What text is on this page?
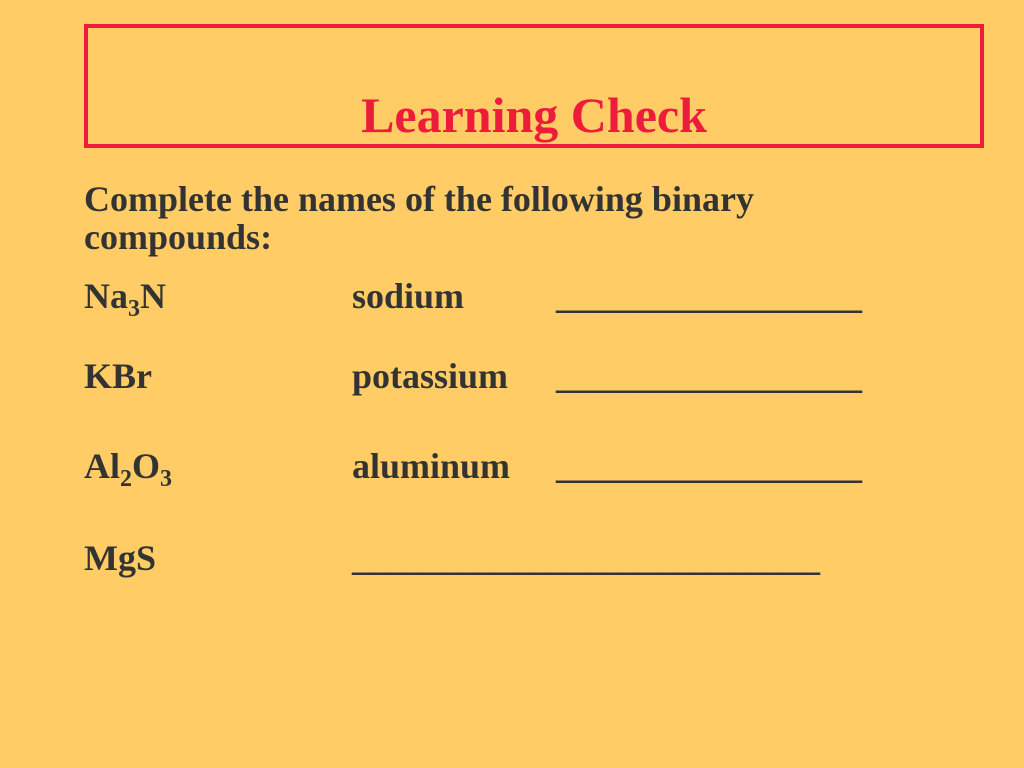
Learning Check

Complete the names of the following binary compounds:

$Na_3N$	sodium	_________________
KBr	potassium _________________
$Al_2O_3$	aluminum _________________
MgS	__________________________
